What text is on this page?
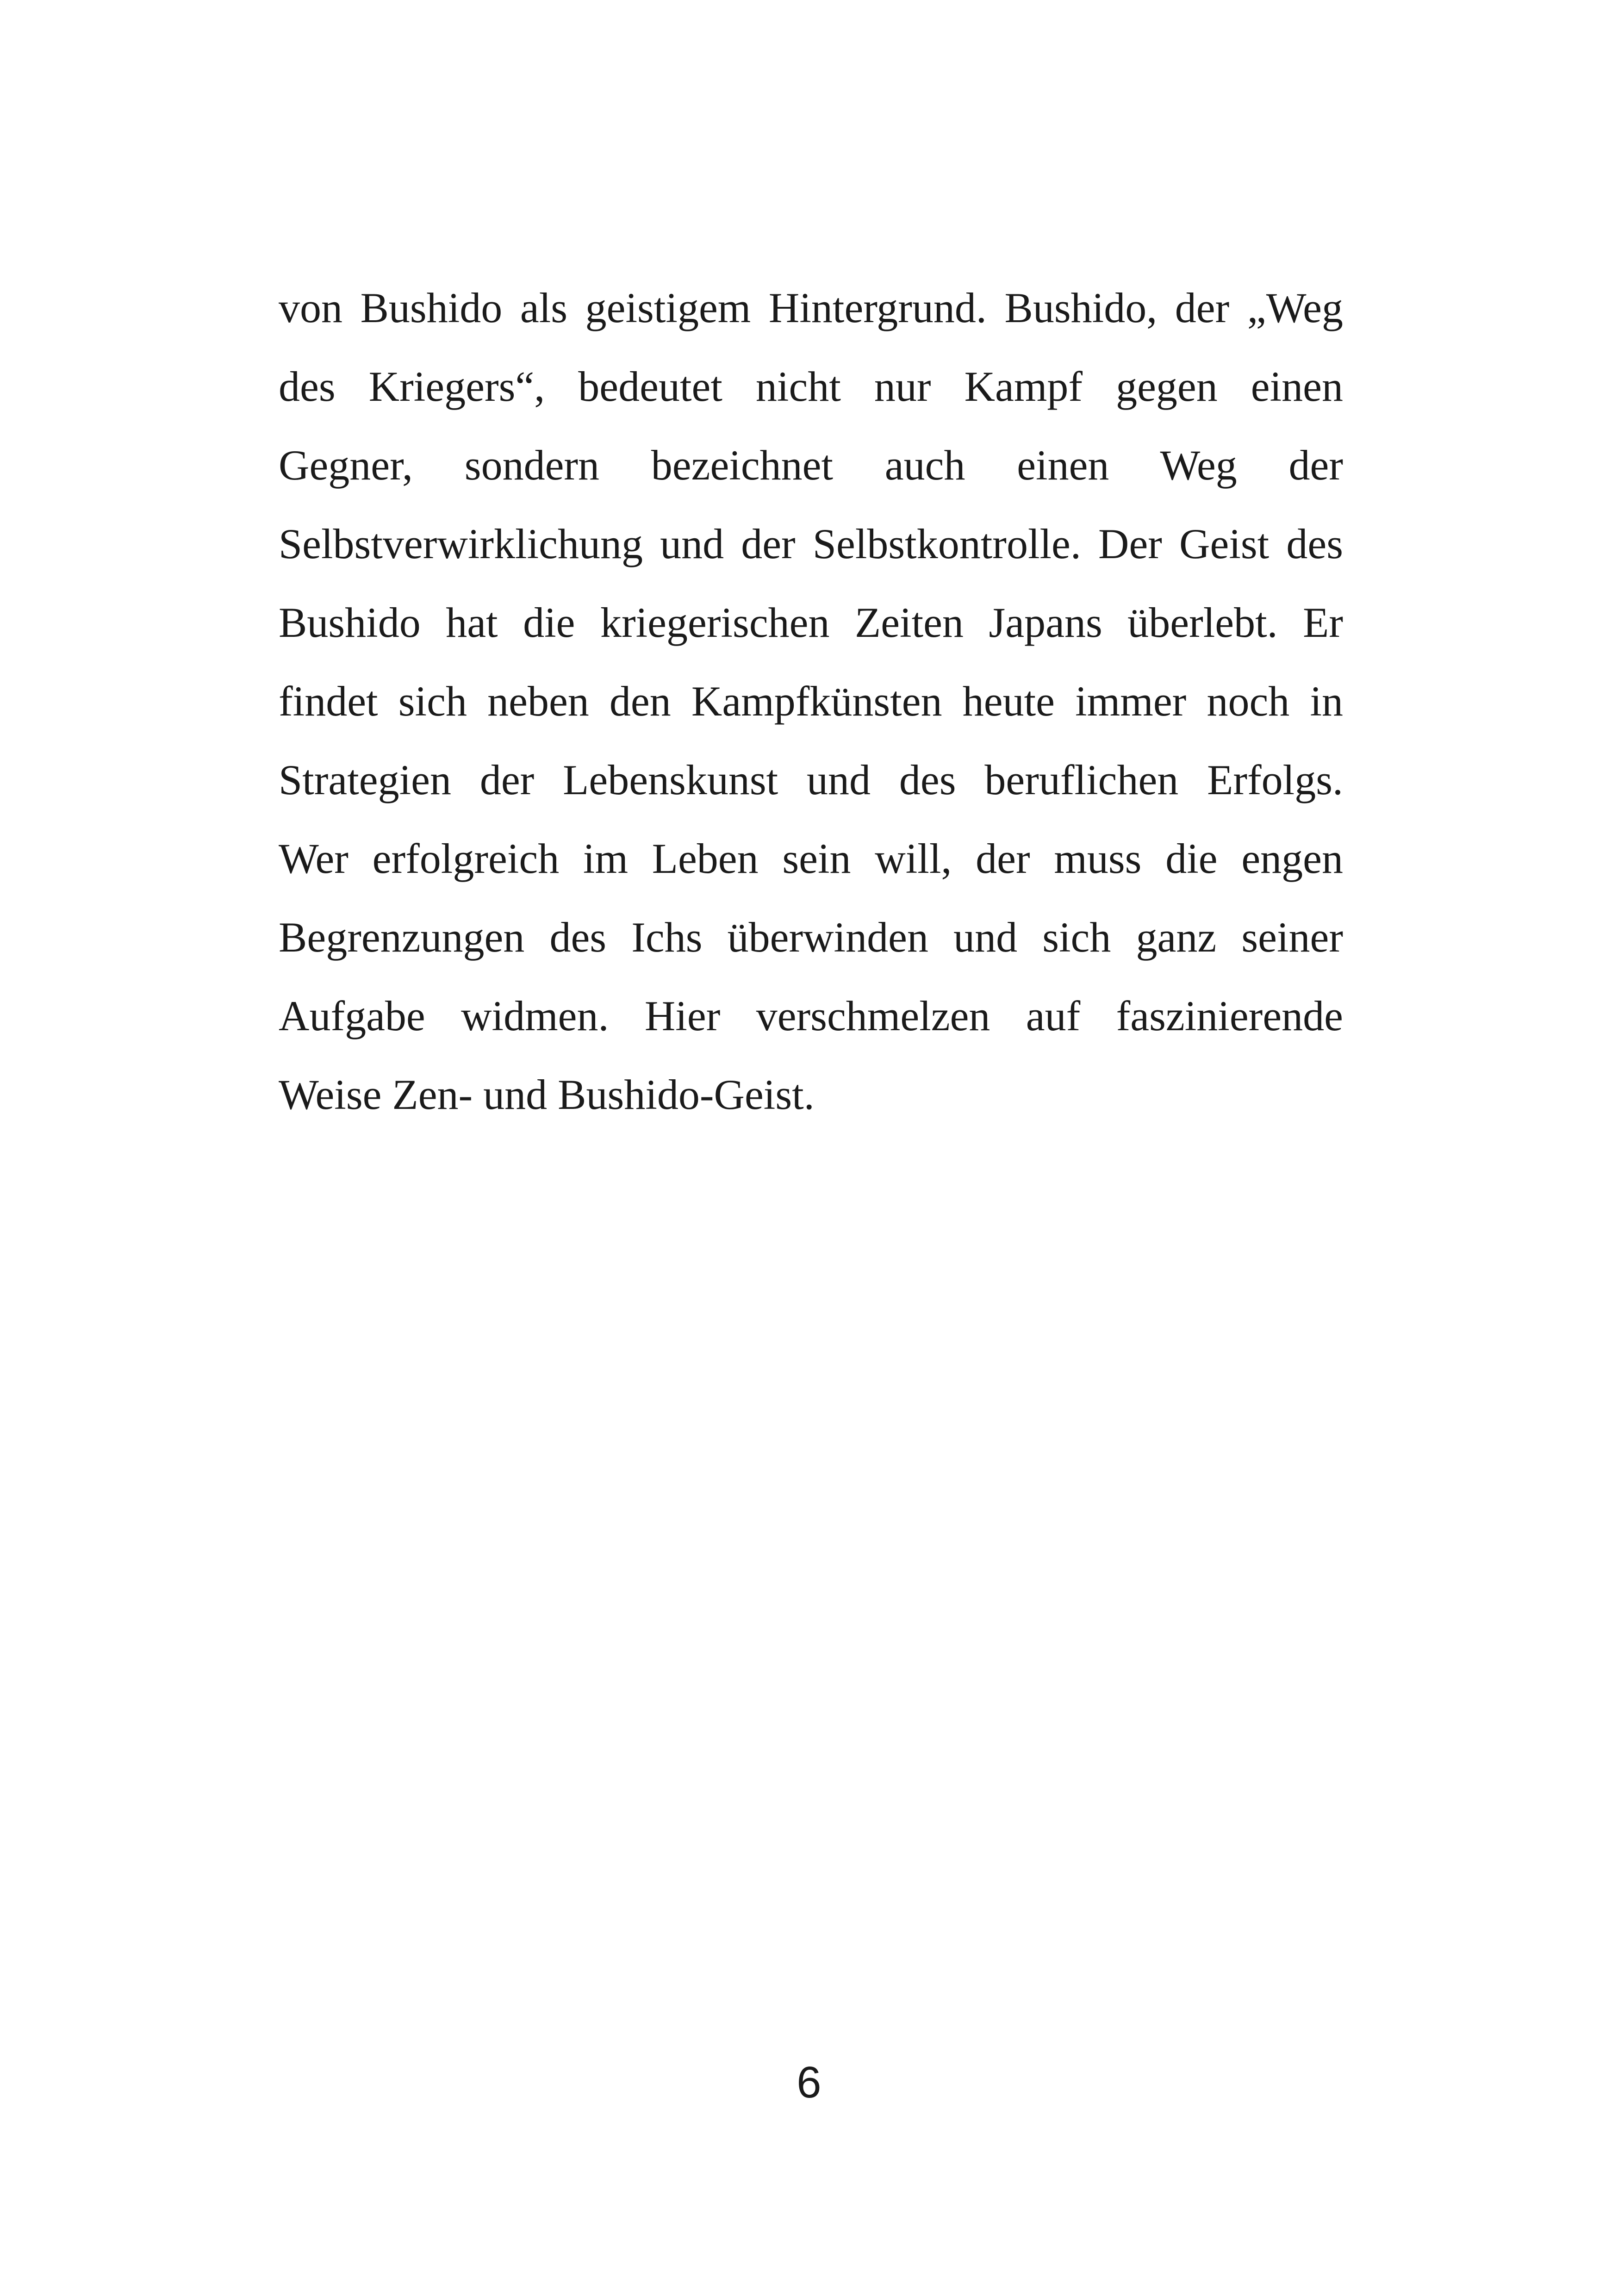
von Bushido als geistigem Hintergrund. Bushido, der „Weg
des Kriegers“, bedeutet nicht nur Kampf gegen einen
Gegner, sondern bezeichnet auch einen Weg der
Selbstverwirklichung und der Selbstkontrolle. Der Geist des
Bushido hat die kriegerischen Zeiten Japans überlebt. Er
findet sich neben den Kampfkünsten heute immer noch in
Strategien der Lebenskunst und des beruflichen Erfolgs.
Wer erfolgreich im Leben sein will, der muss die engen
Begrenzungen des Ichs überwinden und sich ganz seiner
Aufgabe widmen. Hier verschmelzen auf faszinierende
Weise Zen- und Bushido-Geist.
6
